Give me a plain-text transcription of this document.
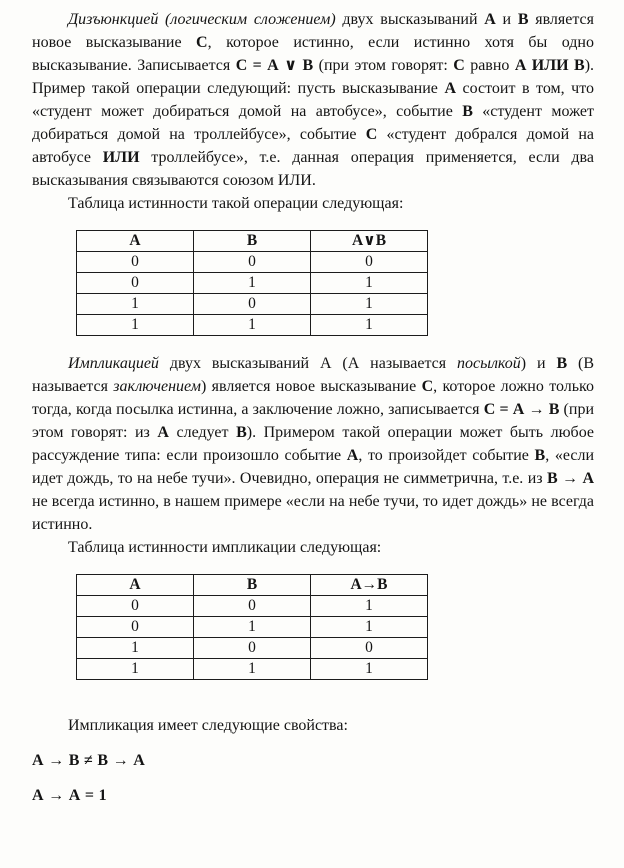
Дизъюнкцией (логическим сложением) двух высказываний А и В является новое высказывание С, которое истинно, если истинно хотя бы одно высказывание. Записывается С = А ∨ В (при этом говорят: С равно А ИЛИ В). Пример такой операции следующий: пусть высказывание А состоит в том, что «студент может добираться домой на автобусе», событие В «студент может добираться домой на троллейбусе», событие С «студент добрался домой на автобусе ИЛИ троллейбусе», т.е. данная операция применяется, если два высказывания связываются союзом ИЛИ.

Таблица истинности такой операции следующая:

А	В	А∨В
0	0	0
0	1	1
1	0	1
1	1	1

Импликацией двух высказываний А (А называется посылкой) и В (В называется заключением) является новое высказывание С, которое ложно только тогда, когда посылка истинна, а заключение ложно, записывается С = А → В (при этом говорят: из А следует В). Примером такой операции может быть любое рассуждение типа: если произошло событие А, то произойдет событие В, «если идет дождь, то на небе тучи». Очевидно, операция не симметрична, т.е. из В → А не всегда истинно, в нашем примере «если на небе тучи, то идет дождь» не всегда истинно.

Таблица истинности импликации следующая:

А	В	А→В
0	0	1
0	1	1
1	0	0
1	1	1

Импликация имеет следующие свойства:

А → В ≠ В → А

А → А = 1
